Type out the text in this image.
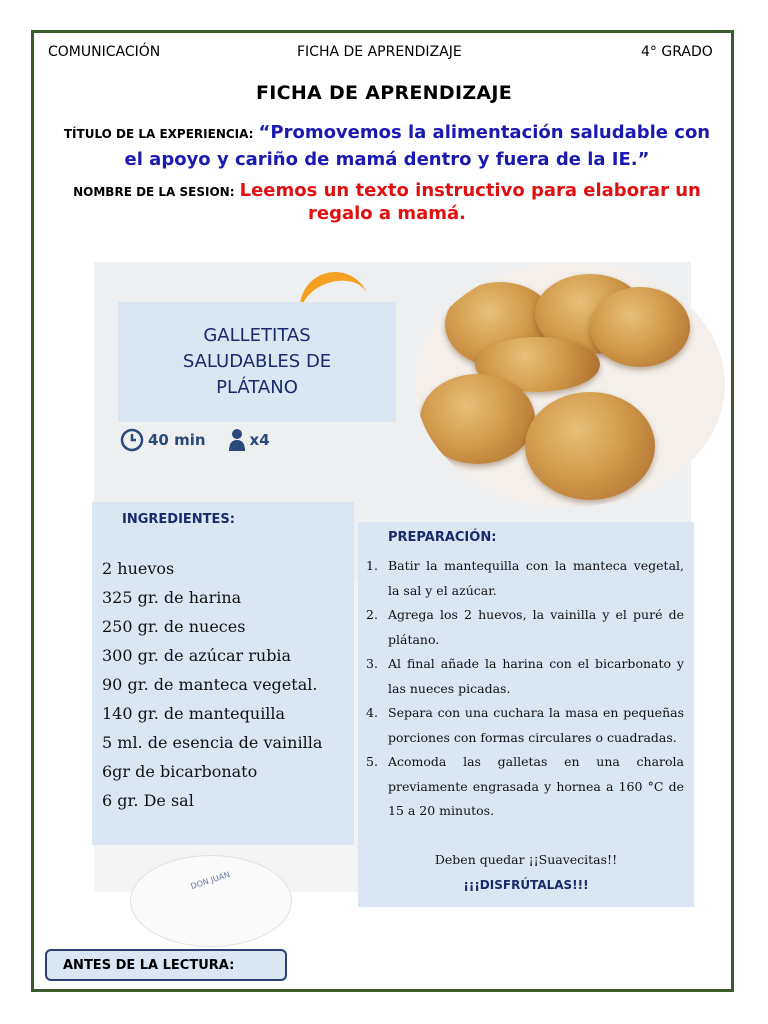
COMUNICACIÓN	FICHA DE APRENDIZAJE	4° GRADO
FICHA DE APRENDIZAJE
TÍTULO DE LA EXPERIENCIA: “Promovemos la alimentación saludable con el apoyo y cariño de mamá dentro y fuera de la IE.”
NOMBRE DE LA SESION: Leemos un texto instructivo para elaborar un regalo a mamá.
GALLETITAS SALUDABLES DE PLÁTANO
40 min	x4
INGREDIENTES:
2 huevos
325 gr. de harina
250 gr. de nueces
300 gr. de azúcar rubia
90 gr. de manteca vegetal.
140 gr. de mantequilla
5 ml. de esencia de vainilla
6gr de bicarbonato
6 gr. De sal
DON JUAN
PREPARACIÓN:
1. Batir la mantequilla con la manteca vegetal, la sal y el azúcar.
2. Agrega los 2 huevos, la vainilla y el puré de plátano.
3. Al final añade la harina con el bicarbonato y las nueces picadas.
4. Separa con una cuchara la masa en pequeñas porciones con formas circulares o cuadradas.
5. Acomoda las galletas en una charola previamente engrasada y hornea a 160 °C de 15 a 20 minutos.
Deben quedar ¡¡Suavecitas!!
¡¡¡DISFRÚTALAS!!!
ANTES DE LA LECTURA:
